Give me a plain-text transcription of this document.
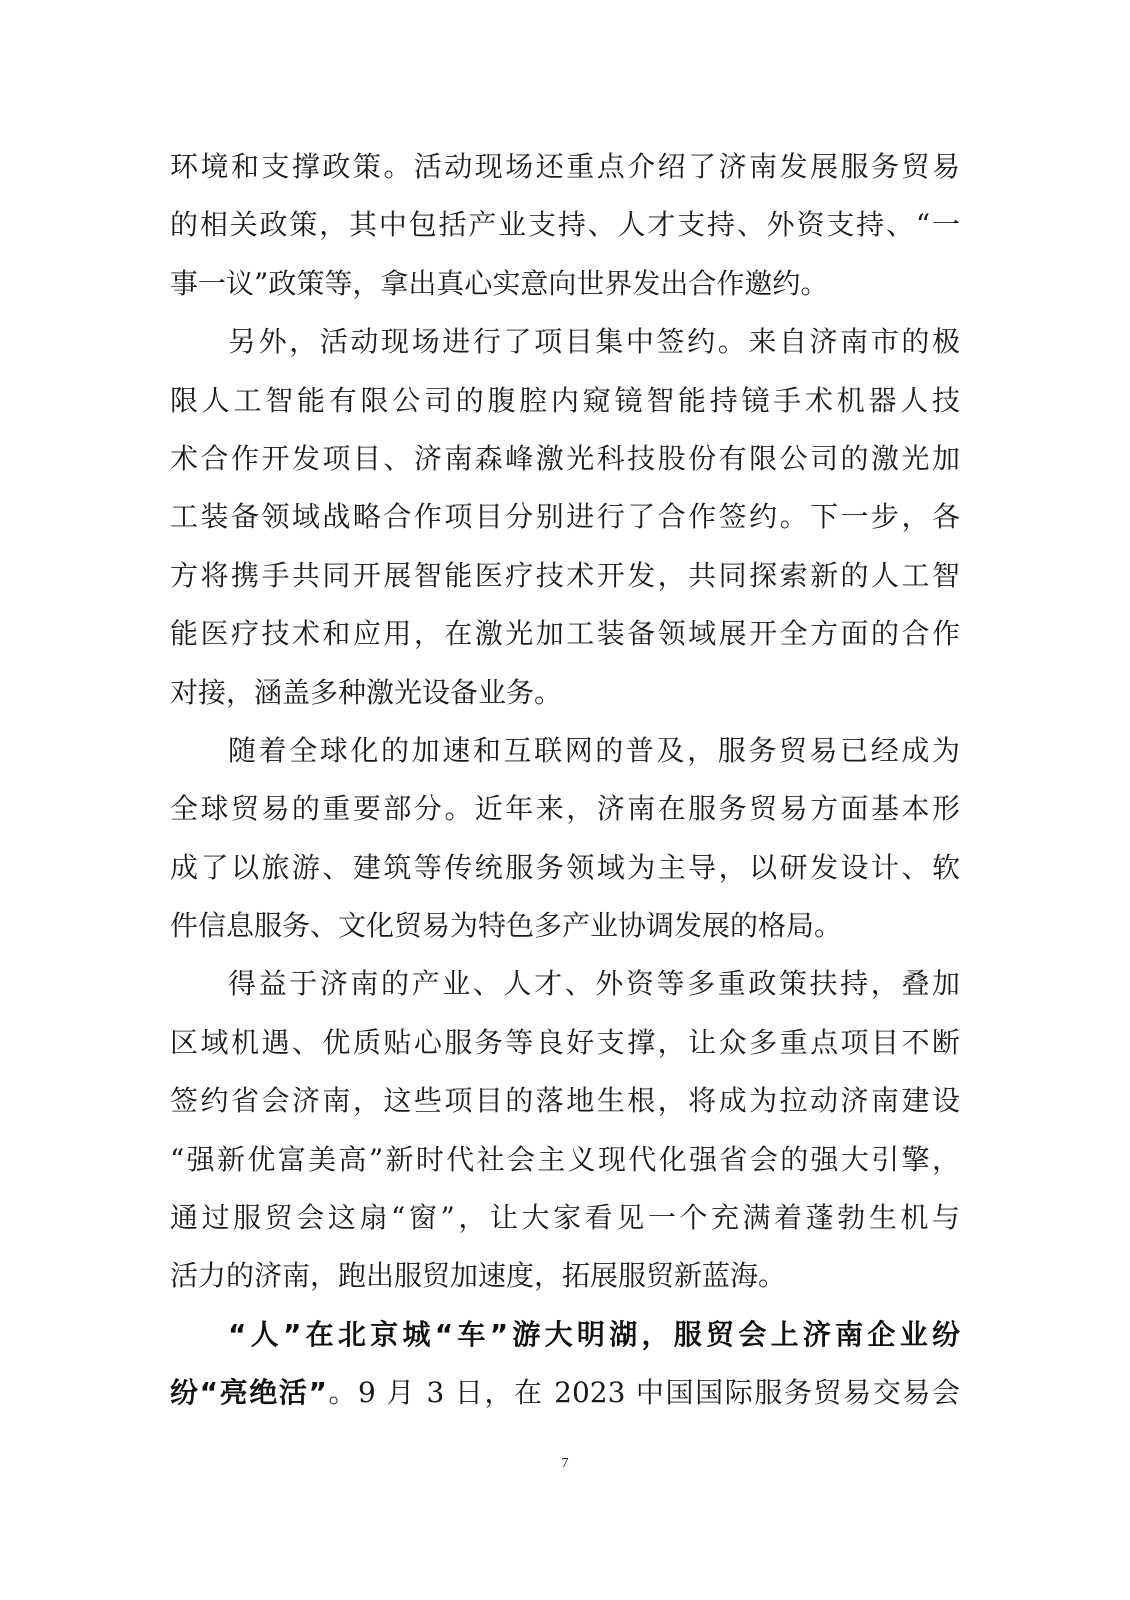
环境和支撑政策。活动现场还重点介绍了济南发展服务贸易
的相关政策，其中包括产业支持、人才支持、外资支持、“一
事一议”政策等，拿出真心实意向世界发出合作邀约。
另外，活动现场进行了项目集中签约。来自济南市的极
限人工智能有限公司的腹腔内窥镜智能持镜手术机器人技
术合作开发项目、济南森峰激光科技股份有限公司的激光加
工装备领域战略合作项目分别进行了合作签约。下一步，各
方将携手共同开展智能医疗技术开发，共同探索新的人工智
能医疗技术和应用，在激光加工装备领域展开全方面的合作
对接，涵盖多种激光设备业务。
随着全球化的加速和互联网的普及，服务贸易已经成为
全球贸易的重要部分。近年来，济南在服务贸易方面基本形
成了以旅游、建筑等传统服务领域为主导，以研发设计、软
件信息服务、文化贸易为特色多产业协调发展的格局。
得益于济南的产业、人才、外资等多重政策扶持，叠加
区域机遇、优质贴心服务等良好支撑，让众多重点项目不断
签约省会济南，这些项目的落地生根，将成为拉动济南建设
“强新优富美高”新时代社会主义现代化强省会的强大引擎，
通过服贸会这扇“窗”，让大家看见一个充满着蓬勃生机与
活力的济南，跑出服贸加速度，拓展服贸新蓝海。
“人”在北京城“车”游大明湖，服贸会上济南企业纷
纷“亮绝活”。9 月 3 日，在 2023 中国国际服务贸易交易会
7
